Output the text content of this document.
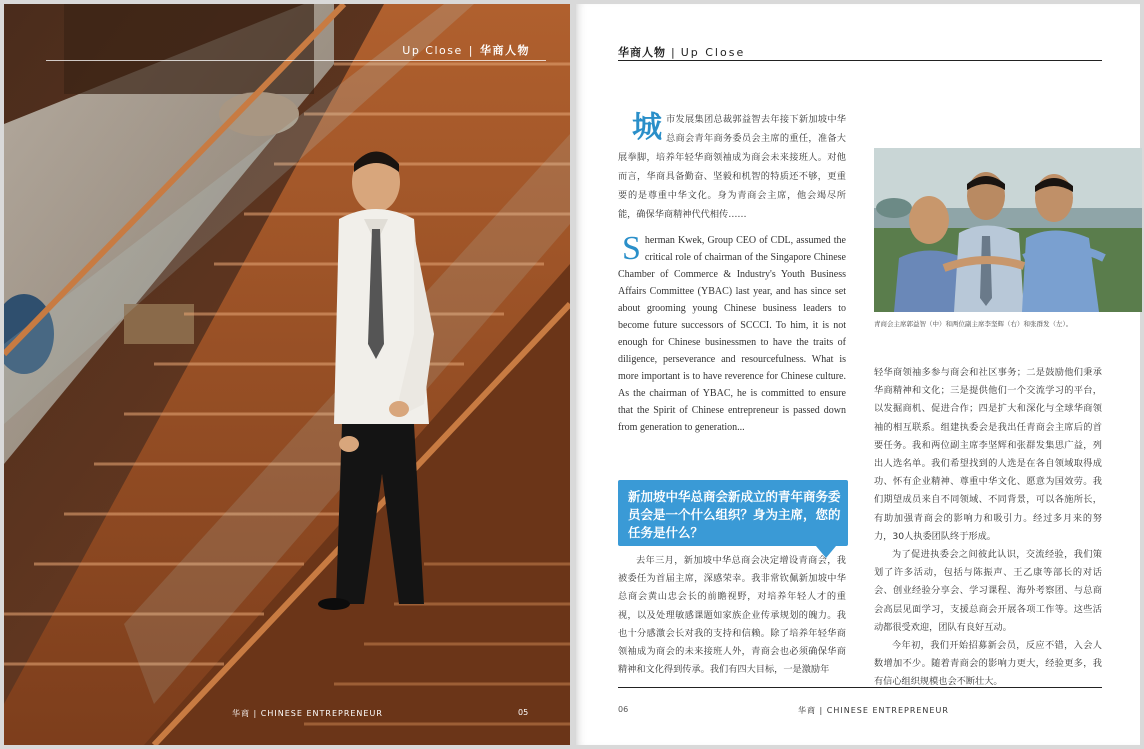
Up Close | 华商人物
华商 | CHINESE ENTREPRENEUR	05
华商人物 | Up Close
城市发展集团总裁郭益智去年接下新加坡中华总商会青年商务委员会主席的重任，准备大展拳脚，培养年轻华商领袖成为商会未来接班人。对他而言，华商具备勤奋、坚毅和机智的特质还不够，更重要的是尊重中华文化。身为青商会主席，他会竭尽所能，确保华商精神代代相传……
Sherman Kwek, Group CEO of CDL, assumed the critical role of chairman of the Singapore Chinese Chamber of Commerce & Industry's Youth Business Affairs Committee (YBAC) last year, and has since set about grooming young Chinese business leaders to become future successors of SCCCI. To him, it is not enough for Chinese businessmen to have the traits of diligence, perseverance and resourcefulness. What is more important is to have reverence for Chinese culture. As the chairman of YBAC, he is committed to ensure that the Spirit of Chinese entrepreneur is passed down from generation to generation...
新加坡中华总商会新成立的青年商务委员会是一个什么组织？身为主席，您的任务是什么？
去年三月，新加坡中华总商会决定增设青商会，我被委任为首届主席，深感荣幸。我非常钦佩新加坡中华总商会黄山忠会长的前瞻视野，对培养年轻人才的重视，以及处理敏感课题如家族企业传承规划的魄力。我也十分感激会长对我的支持和信赖。除了培养年轻华商领袖成为商会的未来接班人外，青商会也必须确保华商精神和文化得到传承。我们有四大目标，一是激励年
青商会主席郭益智（中）和两位副主席李坚辉（右）和张群发（左）。

轻华商领袖多参与商会和社区事务；二是鼓励他们秉承华商精神和文化；三是提供他们一个交流学习的平台，以发掘商机、促进合作；四是扩大和深化与全球华商领袖的相互联系。组建执委会是我出任青商会主席后的首要任务。我和两位副主席李坚辉和张群发集思广益，列出人选名单。我们希望找到的人选是在各自领域取得成功、怀有企业精神、尊重中华文化、愿意为国效劳。我们期望成员来自不同领域、不同背景，可以各施所长，有助加强青商会的影响力和吸引力。经过多月来的努力，30人执委团队终于形成。

为了促进执委会之间彼此认识，交流经验，我们策划了许多活动，包括与陈振声、王乙康等部长的对话会、创业经验分享会、学习课程、海外考察团、与总商会高层见面学习，支援总商会开展各项工作等。这些活动都很受欢迎，团队有良好互动。

今年初，我们开始招募新会员，反应不错，入会人数增加不少。随着青商会的影响力更大，经验更多，我有信心组织规模也会不断壮大。

06	华商 | CHINESE ENTREPRENEUR
